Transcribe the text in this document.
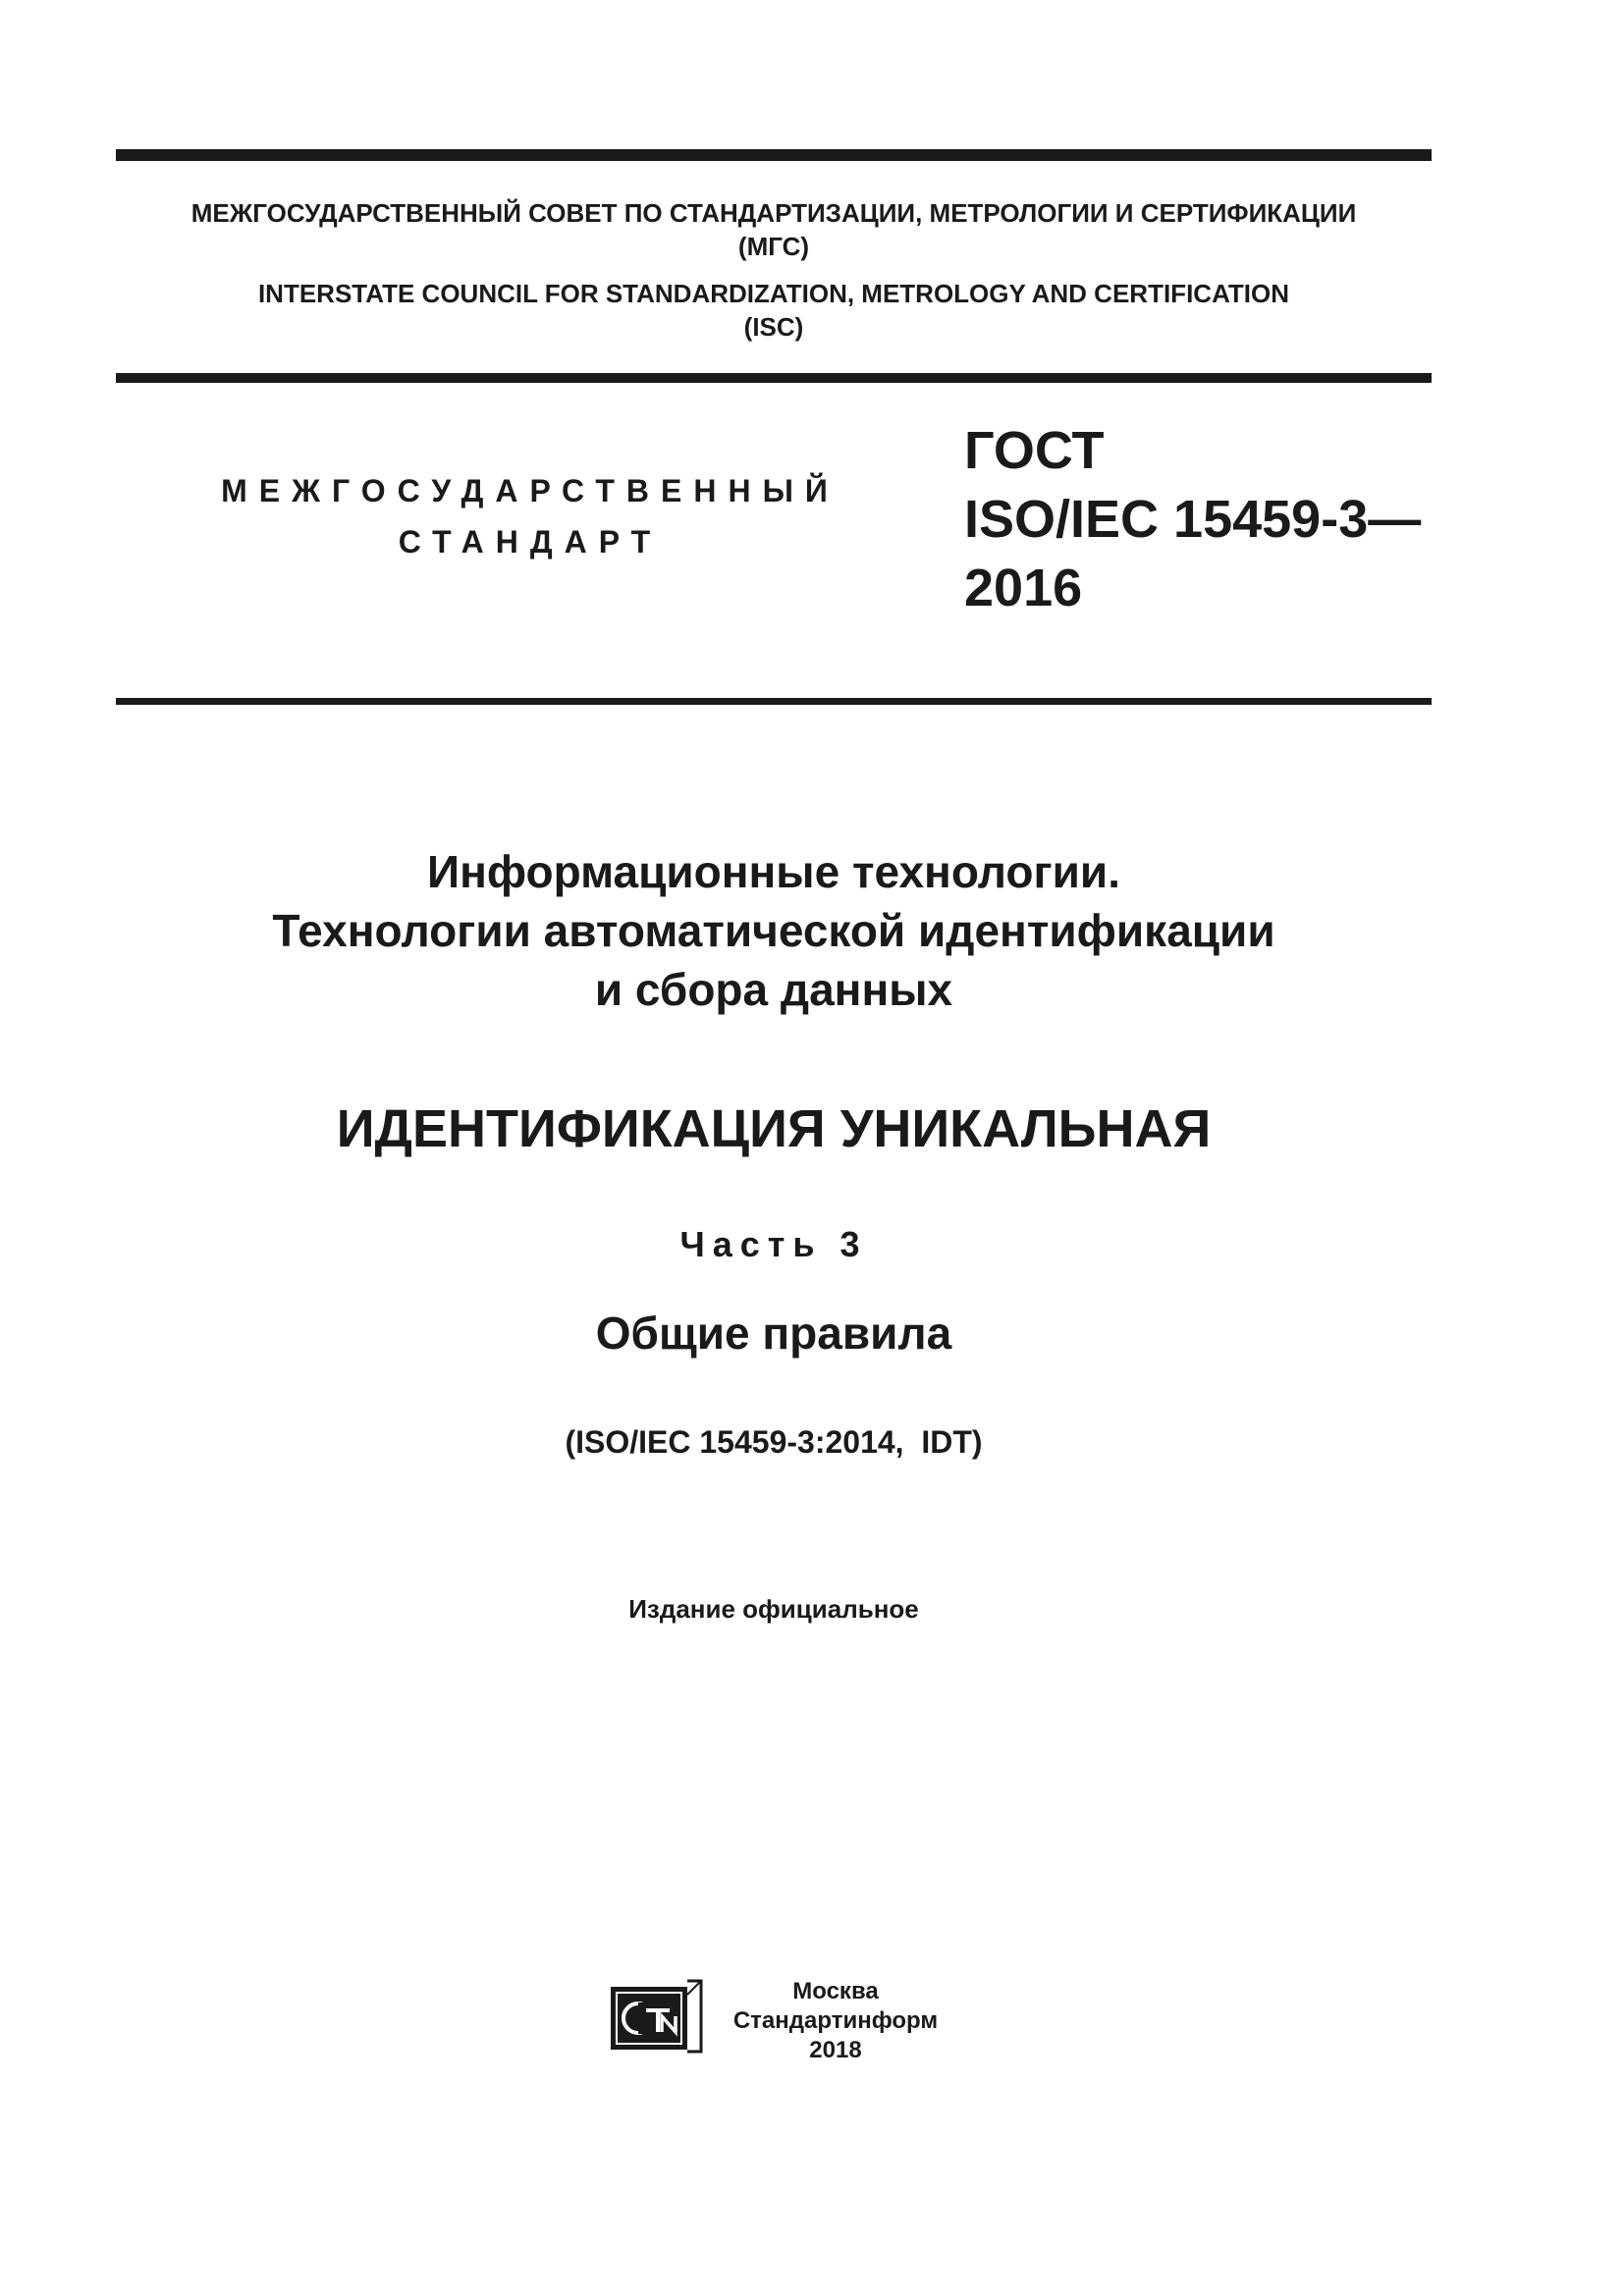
МЕЖГОСУДАРСТВЕННЫЙ СОВЕТ ПО СТАНДАРТИЗАЦИИ, МЕТРОЛОГИИ И СЕРТИФИКАЦИИ
(МГС)
INTERSTATE COUNCIL FOR STANDARDIZATION, METROLOGY AND CERTIFICATION
(ISC)
МЕЖГОСУДАРСТВЕННЫЙ
СТАНДАРТ
ГОСТ
ISO/IEC 15459-3—
2016
Информационные технологии.
Технологии автоматической идентификации
и сбора данных
ИДЕНТИФИКАЦИЯ УНИКАЛЬНАЯ
Часть 3
Общие правила
(ISO/IEC 15459-3:2014,  IDT)
Издание официальное
Москва
Стандартинформ
2018
